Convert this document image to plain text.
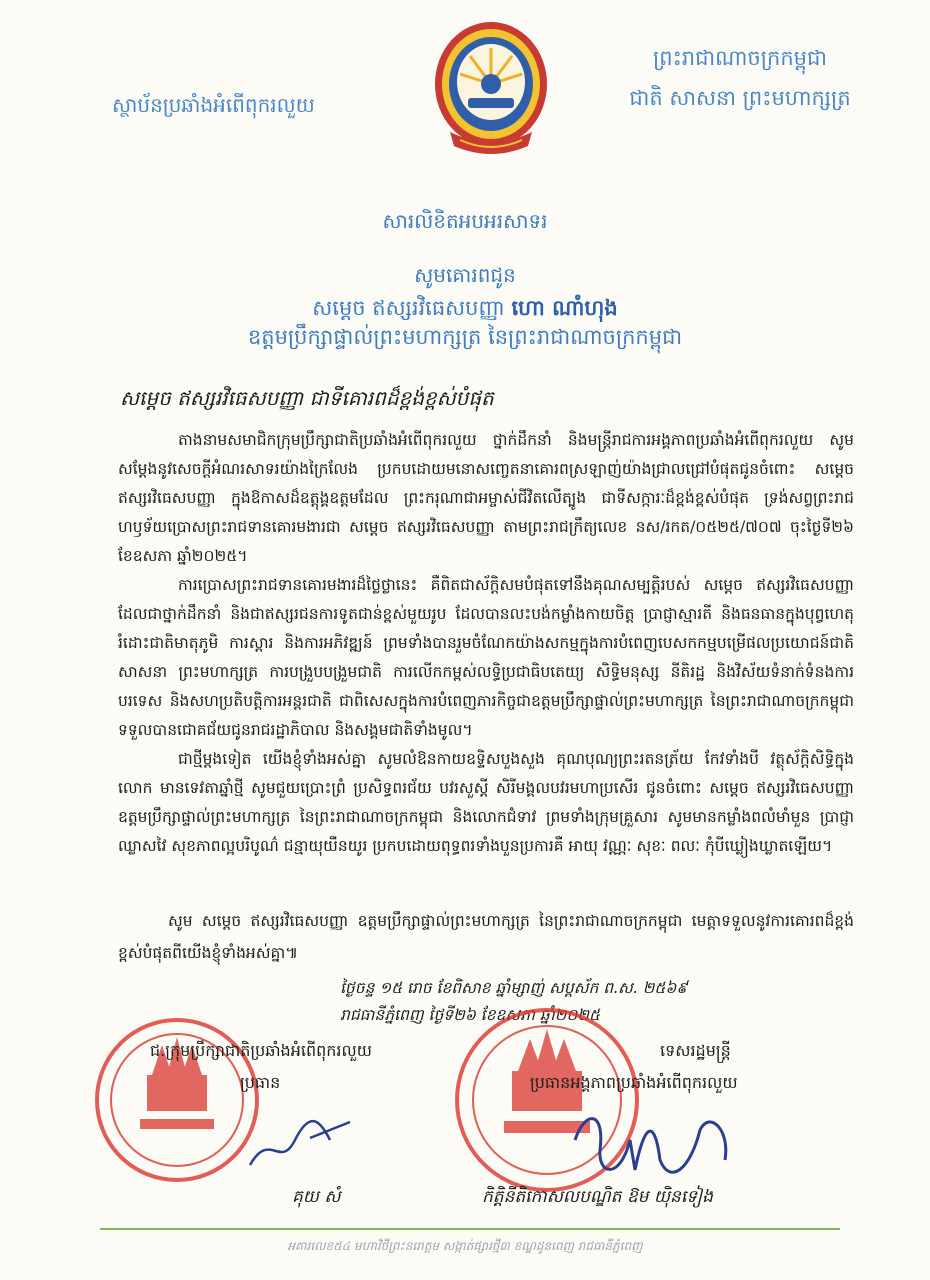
ស្ថាប័នប្រឆាំងអំពើពុករលួយ
ព្រះរាជាណាចក្រកម្ពុជា
ជាតិ សាសនា ព្រះមហាក្សត្រ
សារលិខិតអបអរសាទរ
សូមគោរពជូន
សម្តេច ឥស្សរវិធេសបញ្ញា ហោ ណាំហុង
ឧត្តមប្រឹក្សាផ្ទាល់ព្រះមហាក្សត្រ នៃព្រះរាជាណាចក្រកម្ពុជា
សម្តេច ឥស្សរវិធេសបញ្ញា ជាទីគោរពដ៏ខ្ពង់ខ្ពស់បំផុត

តាងនាមសមាជិកក្រុមប្រឹក្សាជាតិប្រឆាំងអំពើពុករលួយ ថ្នាក់ដឹកនាំ និងមន្ត្រីរាជការអង្គភាពប្រឆាំងអំពើពុករលួយ សូមសម្តែងនូវសេចក្តីអំណរសាទរយ៉ាងក្រៃលែង ប្រកបដោយមនោសញ្ចេតនាគោរពស្រឡាញ់យ៉ាងជ្រាលជ្រៅបំផុតជូនចំពោះ សម្តេច ឥស្សរវិធេសបញ្ញា ក្នុងឱកាសដ៏ឧត្តុង្គឧត្តមដែល ព្រះករុណាជាអម្ចាស់ជីវិតលើត្បូង ជាទីសក្ការៈដ៏ខ្ពង់ខ្ពស់បំផុត ទ្រង់សព្វព្រះរាជហឫទ័យប្រោសព្រះរាជទានគោរមងារជា សម្តេច ឥស្សរវិធេសបញ្ញា តាមព្រះរាជក្រឹត្យលេខ នស/រកត/០៥២៥/៧០៧ ចុះថ្ងៃទី២៦ ខែឧសភា ឆ្នាំ២០២៥។

ការប្រោសព្រះរាជទានគោរមងារដ៏ថ្លៃថ្លានេះ គឺពិតជាស័ក្តិសមបំផុតទៅនឹងគុណសម្បត្តិរបស់ សម្តេច ឥស្សរវិធេសបញ្ញា ដែលជាថ្នាក់ដឹកនាំ និងជាឥស្សរជនការទូតជាន់ខ្ពស់មួយរូប ដែលបានលះបង់កម្លាំងកាយចិត្ត ប្រាជ្ញាស្មារតី និងធនធានក្នុងបុព្វហេតុរំដោះជាតិមាតុភូមិ ការស្តារ និងការអភិវឌ្ឍន៍ ព្រមទាំងបានរួមចំណែកយ៉ាងសកម្មក្នុងការបំពេញបេសកកម្មបម្រើផលប្រយោជន៍ជាតិ សាសនា ព្រះមហាក្សត្រ ការបង្រួបបង្រួមជាតិ ការលើកកម្ពស់លទ្ធិប្រជាធិបតេយ្យ សិទ្ធិមនុស្ស នីតិរដ្ឋ និងវិស័យទំនាក់ទំនងការបរទេស និងសហប្រតិបត្តិការអន្តរជាតិ ជាពិសេសក្នុងការបំពេញភារកិច្ចជាឧត្តមប្រឹក្សាផ្ទាល់ព្រះមហាក្សត្រ នៃព្រះរាជាណាចក្រកម្ពុជា ទទួលបានជោគជ័យជូនរាជរដ្ឋាភិបាល និងសង្គមជាតិទាំងមូល។

ជាថ្មីម្តងទៀត យើងខ្ញុំទាំងអស់គ្នា សូមលំឱនកាយឧទ្ទិសបួងសួង គុណបុណ្យព្រះរតនត្រ័យ កែវទាំងបី វត្ថុស័ក្តិសិទ្ធិក្នុងលោក មានទេវតាឆ្នាំថ្មី សូមជួយប្រោះព្រំ ប្រសិទ្ធពរជ័យ បវរសួស្តី សិរីមង្គលបវរមហាប្រសើរ ជូនចំពោះ សម្តេច ឥស្សរវិធេសបញ្ញា ឧត្តមប្រឹក្សាផ្ទាល់ព្រះមហាក្សត្រ នៃព្រះរាជាណាចក្រកម្ពុជា និងលោកជំទាវ ព្រមទាំងក្រុមគ្រួសារ សូមមានកម្លាំងពលំមាំមួន ប្រាជ្ញាឈ្លាសវៃ សុខភាពល្អបរិបូណ៌ ជន្មាយុយឺនយូរ ប្រកបដោយពុទ្ធពរទាំងបួនប្រការគឺ អាយុ វណ្ណៈ សុខៈ ពលៈ កុំបីឃ្លៀងឃ្លាតឡើយ។

សូម សម្តេច ឥស្សរវិធេសបញ្ញា ឧត្តមប្រឹក្សាផ្ទាល់ព្រះមហាក្សត្រ នៃព្រះរាជាណាចក្រកម្ពុជា មេត្តាទទួលនូវការគោរពដ៏ខ្ពង់ខ្ពស់បំផុតពីយើងខ្ញុំទាំងអស់គ្នា៕
ថ្ងៃចន្ទ ១៥ រោច ខែពិសាខ ឆ្នាំម្សាញ់ សប្តស័ក ព.ស. ២៥៦៩
រាជធានីភ្នំពេញ ថ្ងៃទី២៦ ខែឧសភា ឆ្នាំ២០២៥
ជ.ក្រុមប្រឹក្សាជាតិប្រឆាំងអំពើពុករលួយ
ប្រធាន
ទេសរដ្ឋមន្ត្រី
ប្រធានអង្គភាពប្រឆាំងអំពើពុករលួយ
គុយ សំ	កិត្តិនីតិកោសលបណ្ឌិត ឱម យ៉ិនទៀង
អគារលេខ៥៤ មហាវិថីព្រះនរោត្តម សង្កាត់ផ្សារថ្មី៣ ខណ្ឌដូនពេញ រាជធានីភ្នំពេញ
